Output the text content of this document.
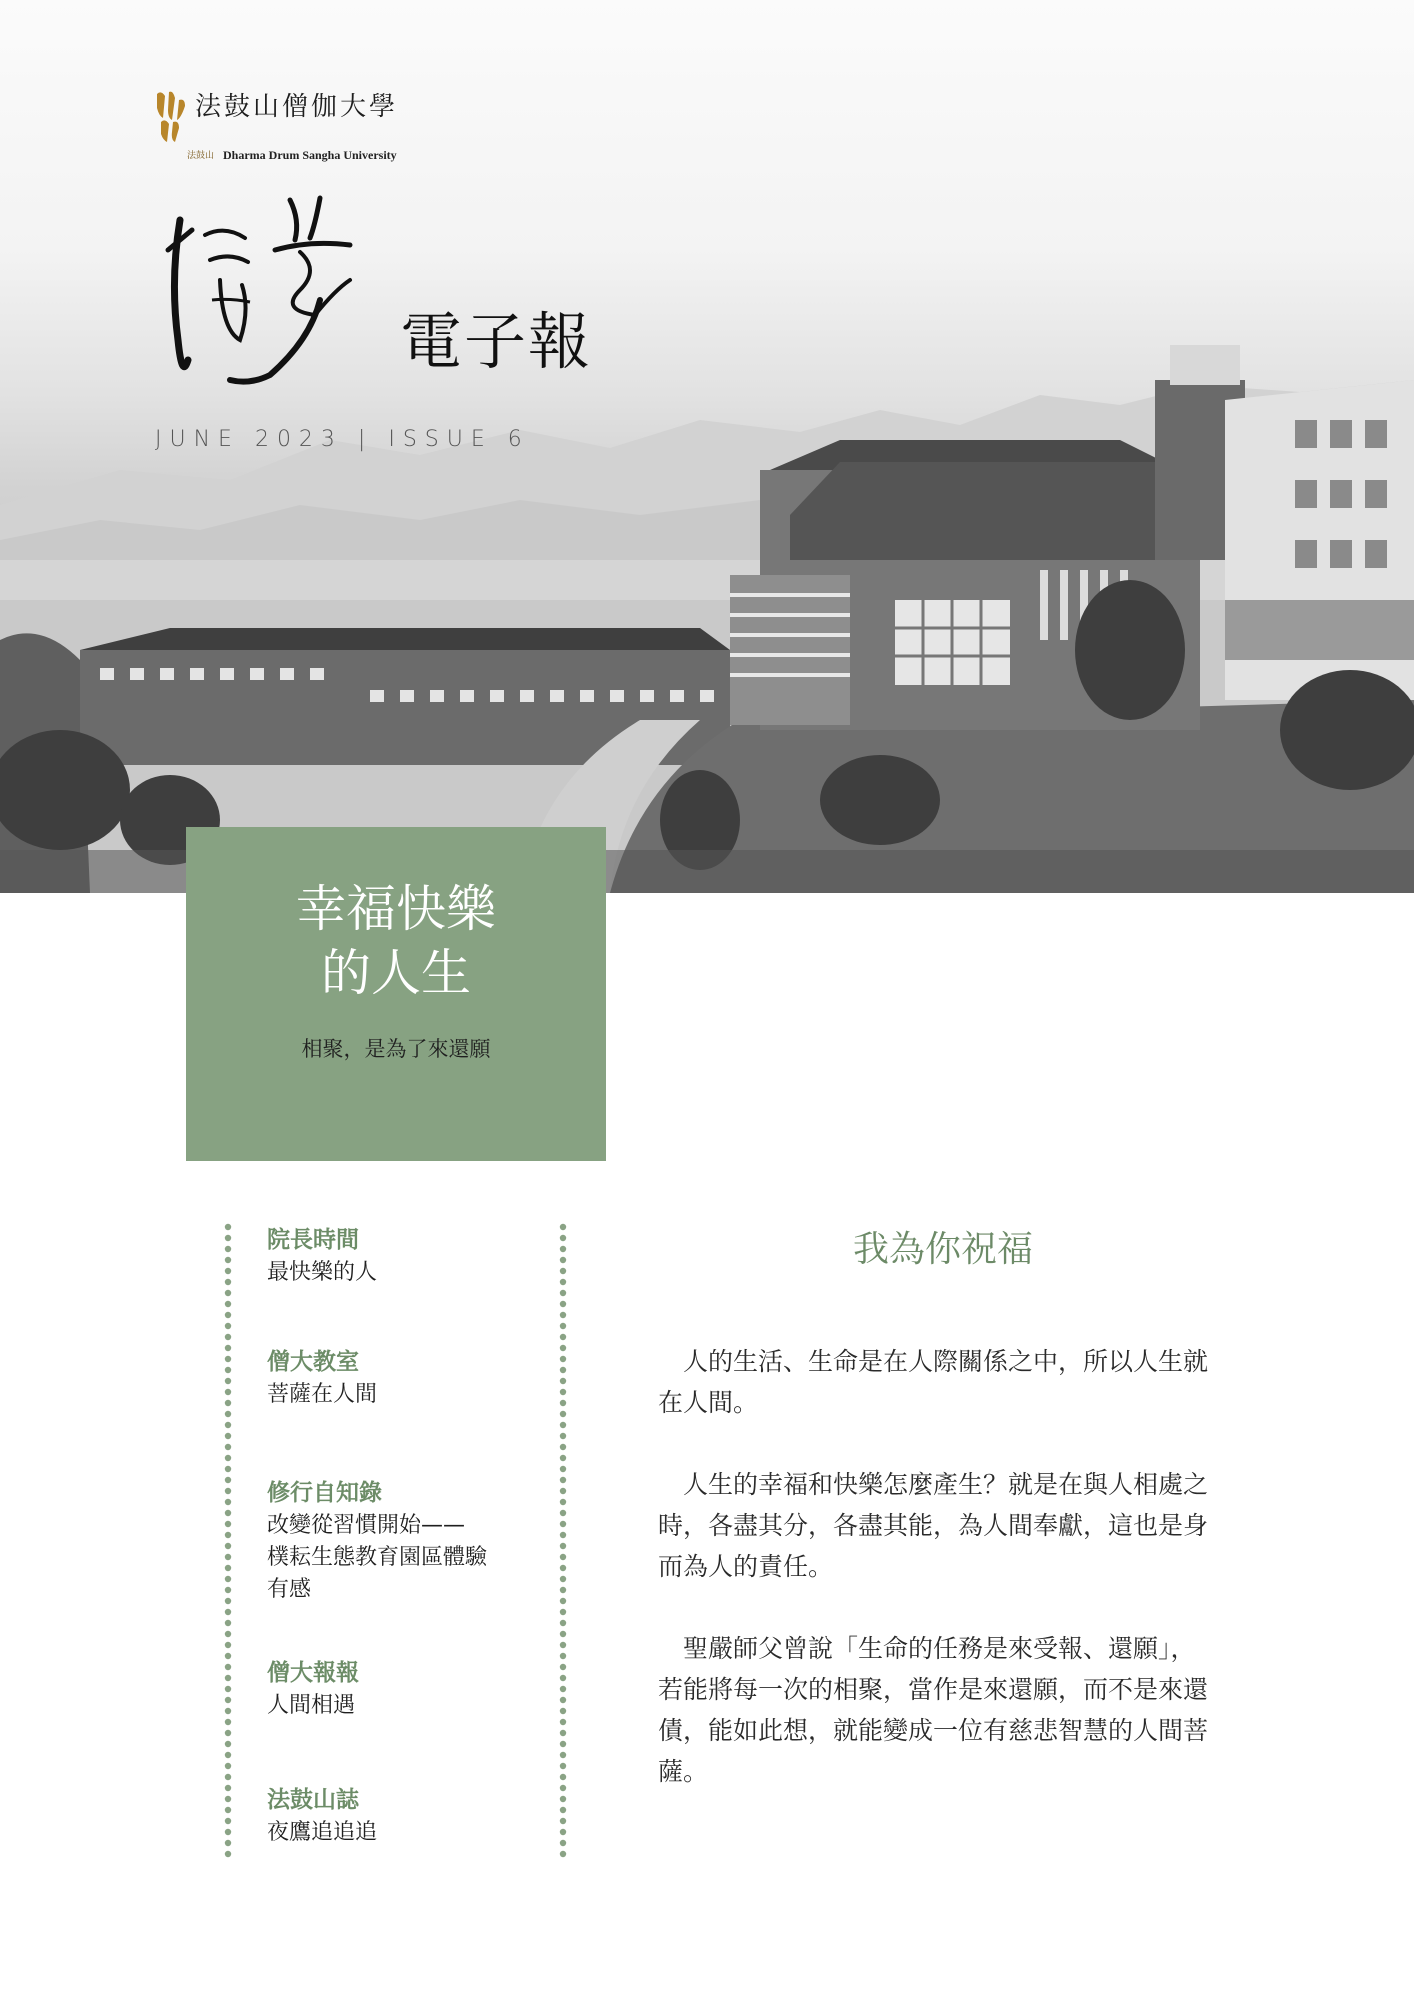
法鼓山僧伽大學
法鼓山 Dharma Drum Sangha University
電子報
JUNE 2023 | ISSUE 6
幸福快樂
的人生
相聚，是為了來還願
院長時間
最快樂的人
僧大教室
菩薩在人間
修行自知錄
改變從習慣開始——
樸耘生態教育園區體驗
有感
僧大報報
人間相遇
法鼓山誌
夜鷹追追追
我為你祝福

人的生活、生命是在人際關係之中，所以人生就在人間。

人生的幸福和快樂怎麼產生？就是在與人相處之時，各盡其分，各盡其能，為人間奉獻，這也是身而為人的責任。

聖嚴師父曾說「生命的任務是來受報、還願」，若能將每一次的相聚，當作是來還願，而不是來還債，能如此想，就能變成一位有慈悲智慧的人間菩薩。
